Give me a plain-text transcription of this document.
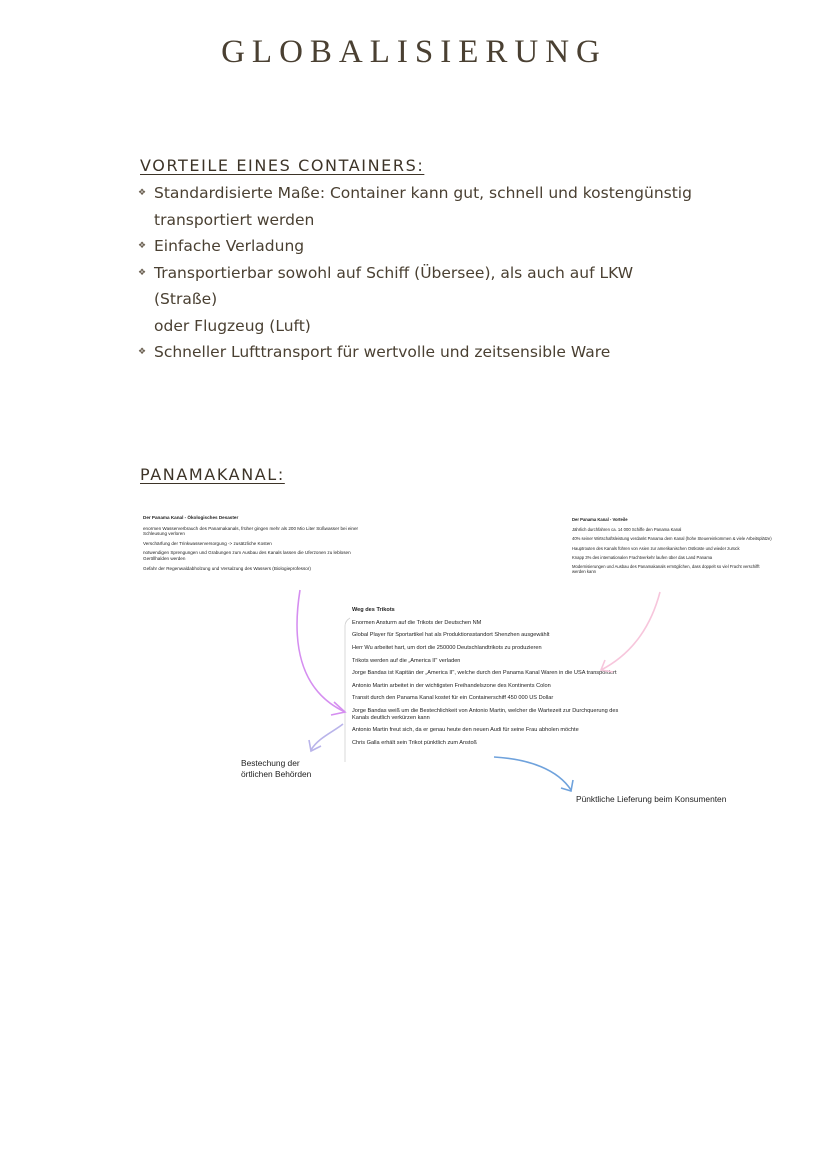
GLOBALISIERUNG
VORTEILE EINES CONTAINERS:
❖ Standardisierte Maße: Container kann gut, schnell und kostengünstig
transportiert werden
❖ Einfache Verladung
❖ Transportierbar sowohl auf Schiff (Übersee), als auch auf LKW (Straße)
oder Flugzeug (Luft)
❖ Schneller Lufttransport für wertvolle und zeitsensible Ware
PANAMAKANAL:
Der Panama Kanal - Ökologisches Desaster
enormen Wasserverbrauch des Panamakanals, früher gingen mehr als 200 Mio Liter Süßwasser bei einer Schleusung verloren
Verschärfung der Trinkwasserversorgung -> zusätzliche Kosten
notwendigen Sprengungen und Grabungen zum Ausbau des Kanals lassen die Uferzonen zu leblosen Geröllhalden werden
Gefahr der Regenwaldabholzung und Versalzung des Wassers (Biologieprofessor)
Der Panama Kanal - Vorteile
Jährlich durchfahren ca. 14 000 Schiffe den Panama Kanal
40% seiner Wirtschaftsleistung verdankt Panama dem Kanal (hohe Steuereinkommen & viele Arbeitsplätze)
Hauptrouten des Kanals führen von Asien zur amerikanischen Ostküste und wieder zurück
Knapp 3% des internationalen Frachtverkehr laufen über das Land Panama
Modernisierungen und Ausbau des Panamakanals ermöglichen, dass doppelt so viel Fracht verschifft werden kann
Weg des Trikots
Enormen Ansturm auf die Trikots der Deutschen NM
Global Player für Sportartikel hat als Produktionsstandort Shenzhen ausgewählt
Herr Wu arbeitet hart, um dort die 250000 Deutschlandtrikots zu produzieren
Trikots werden auf die „America II" verladen
Jorge Bandas ist Kapitän der „America II", welche durch den Panama Kanal Waren in die USA transportiert
Antonio Martin arbeitet in der wichtigsten Freihandelszone des Kontinents Colon
Transit durch den Panama Kanal kostet für ein Containerschiff 450 000 US Dollar
Jorge Bandas weiß um die Bestechlichkeit von Antonio Martin, welcher die Wartezeit zur Durchquerung des Kanals deutlich verkürzen kann
Antonio Martin freut sich, da er genau heute den neuen Audi für seine Frau abholen möchte
Chris Galla erhält sein Trikot pünktlich zum Anstoß
Bestechung der
örtlichen Behörden
Pünktliche Lieferung beim Konsumenten
